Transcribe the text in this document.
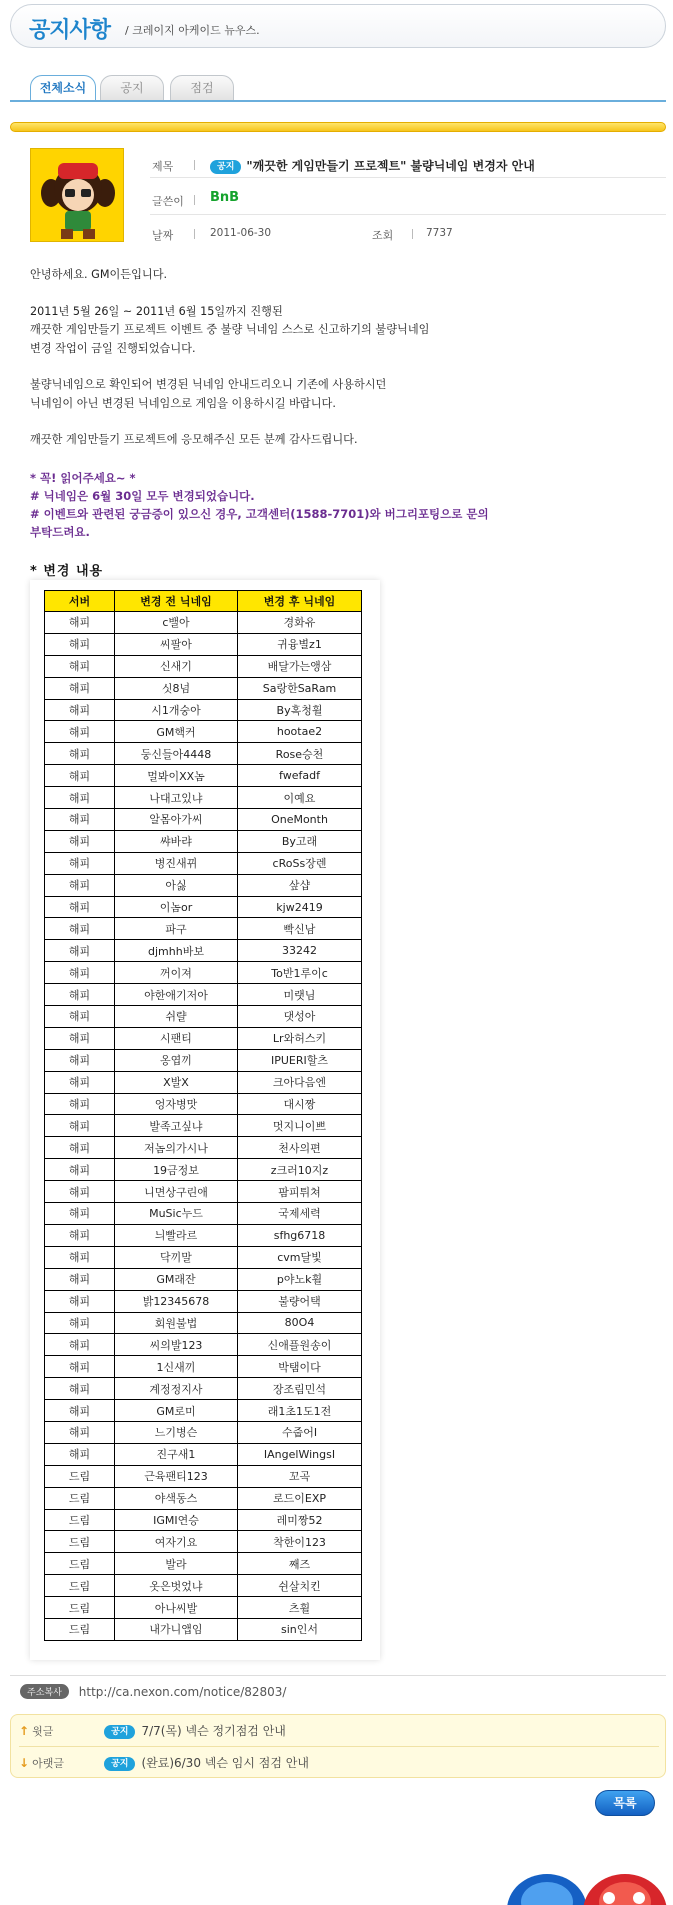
공지사항 / 크레이지 아케이드 뉴우스.
전체소식	공지	점검
제목	공지 "깨끗한 게임만들기 프로젝트" 불량닉네임 변경자 안내
글쓴이 BnB
날짜	2011-06-30	조회	7737

안녕하세요. GM이든입니다.

2011년 5월 26일 ~ 2011년 6월 15일까지 진행된
깨끗한 게임만들기 프로젝트 이벤트 중 불량 닉네임 스스로 신고하기의 불량닉네임
변경 작업이 금일 진행되었습니다.

불량닉네임으로 확인되어 변경된 닉네임 안내드리오니 기존에 사용하시던
닉네임이 아닌 변경된 닉네임으로 게임을 이용하시길 바랍니다.

깨끗한 게임만들기 프로젝트에 응모해주신 모든 분께 감사드립니다.

* 꼭! 읽어주세요~ *
# 닉네임은 6월 30일 모두 변경되었습니다.
# 이벤트와 관련된 궁금증이 있으신 경우, 고객센터(1588-7701)와 버그리포팅으로 문의
부탁드려요.
* 변경 내용
서버	변경 전 닉네임	변경 후 닉네임
해피	c밸아	경화유
해피	씨팔아	귀융별z1
해피	신새기	배달가는앵삼
해피	싯8넘	Sa랑한SaRam
해피	시1개숭아	By혹청휠
해피	GM핵커	hootae2
해피	둥신들아4448	Rose승천
해피	멀봐이XX놈	fwefadf
해피	나대고있냐	이예요
해피	알몸아가씨	OneMonth
해피	쌰바랴	By고래
해피	병진새뀌	cRoSs장렌
해피	아싫	샆샵
해피	이놈or	kjw2419
해피	파구	빡신남
해피	djmhh바보	33242
해피	꺼이져	To반1루이c
해피	야한애기저아	미랫님
해피	쉬랼	댓성아
해피	시팬티	Lr와허스키
해피	옹엽끼	IPUERI할츠
해피	X발X	크아다음엔
해피	엉자병맛	대시짱
해피	발족고싶냐	멋지니이쁘
해피	저놈의가시나	천사의편
해피	19금정보	z크러10지z
해피	니면상구린애	팜피튀쳐
해피	MuSic누드	국제세력
해피	늬빨라르	sfhg6718
해피	닥끼말	cvm달빛
해피	GM래잔	p야노k휠
해피	밝12345678	불량어택
해피	회원불법	80O4
해피	씨의발123	신애플원송이
해피	1신새끼	박탬이다
해피	계정정지사	장조림민석
해피	GM로미	래1초1도1전
해피	느기병슨	수줍어I
해피	진구새1	IAngelWingsI
드림	근육팬티123	꼬곡
드림	야색동스	로드이EXP
드림	IGMI연승	레미짱52
드림	여자기요	착한이123
드림	발라	째즈
드림	옷은벗었냐	쉰살치킨
드림	아나씨발	츠휠
드림	내가니앱임	sin인서
주소복사 http://ca.nexon.com/notice/82803/
↑ 윗글	공지 7/7(목) 넥슨 정기점검 안내
↓ 아랫글	공지 (완료)6/30 넥슨 임시 점검 안내
목록
